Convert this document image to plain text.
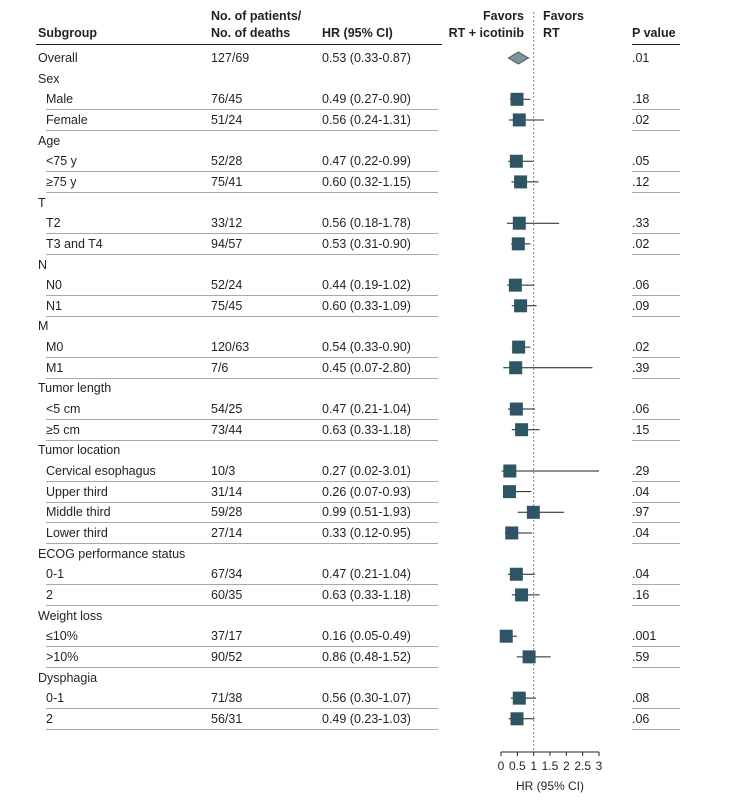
Subgroup
No. of patients/
No. of deaths	HR (95% CI)
Favors
RT + icotinib
Favors
RT	P value
Overall	127/69	0.53 (0.33-0.87)	.01
Sex
Male	76/45	0.49 (0.27-0.90)	.18
Female	51/24	0.56 (0.24-1.31)	.02
Age
<75 y	52/28	0.47 (0.22-0.99)	.05
≥75 y	75/41	0.60 (0.32-1.15)	.12
T
T2	33/12	0.56 (0.18-1.78)	.33
T3 and T4	94/57	0.53 (0.31-0.90)	.02
N
N0	52/24	0.44 (0.19-1.02)	.06
N1	75/45	0.60 (0.33-1.09)	.09
M
M0	120/63	0.54 (0.33-0.90)	.02
M1	7/6	0.45 (0.07-2.80)	.39
Tumor length
<5 cm	54/25	0.47 (0.21-1.04)	.06
≥5 cm	73/44	0.63 (0.33-1.18)	.15
Tumor location
Cervical esophagus	10/3	0.27 (0.02-3.01)	.29
Upper third	31/14	0.26 (0.07-0.93)	.04
Middle third	59/28	0.99 (0.51-1.93)	.97
Lower third	27/14	0.33 (0.12-0.95)	.04
ECOG performance status
0-1	67/34	0.47 (0.21-1.04)	.04
2	60/35	0.63 (0.33-1.18)	.16
Weight loss
≤10%	37/17	0.16 (0.05-0.49)	.001
>10%	90/52	0.86 (0.48-1.52)	.59
Dysphagia
0-1	71/38	0.56 (0.30-1.07)	.08
2	56/31	0.49 (0.23-1.03)	.06
0 0.5 1 1.5 2 2.5 3
HR (95% CI)
